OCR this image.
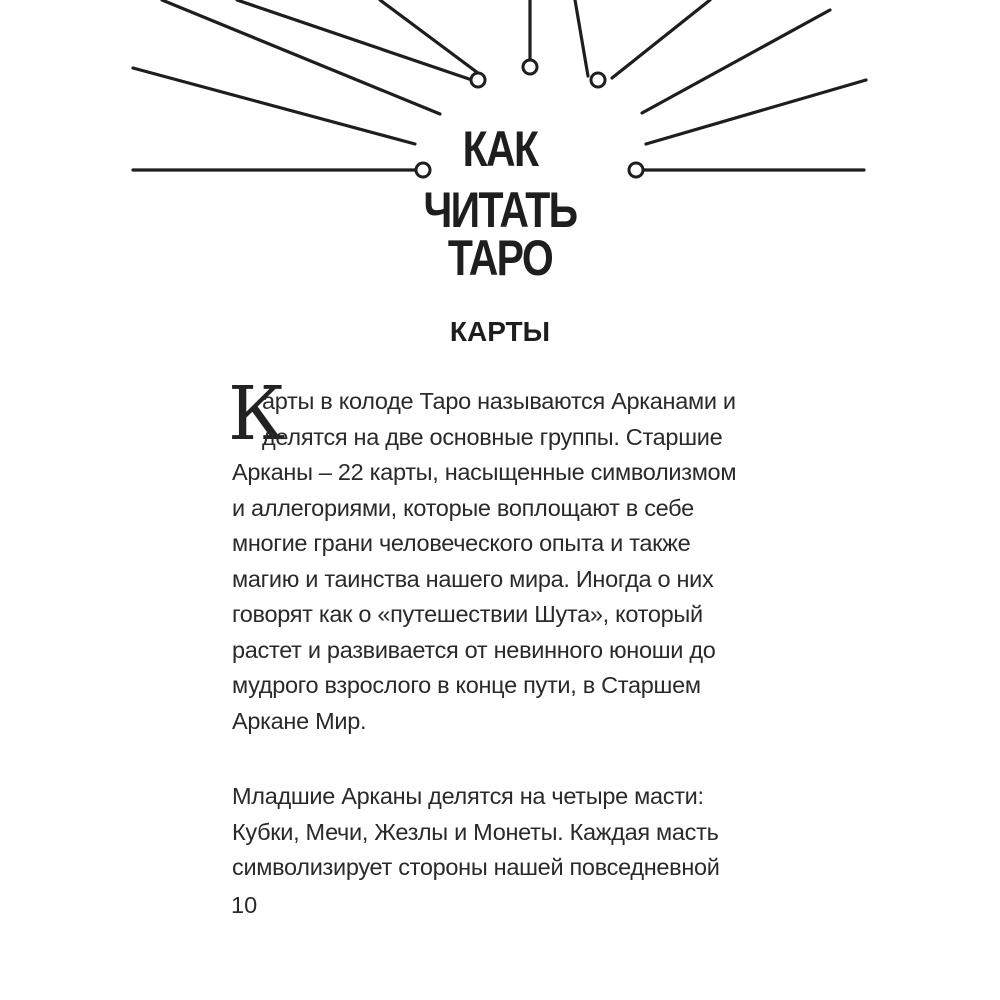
КАК
ЧИТАТЬ
ТАРО
КАРТЫ
К
арты в колоде Таро называются Арканами и
делятся на две основные группы. Старшие
Арканы – 22 карты, насыщенные символизмом
и аллегориями, которые воплощают в себе
многие грани человеческого опыта и также
магию и таинства нашего мира. Иногда о них
говорят как о «путешествии Шута», который
растет и развивается от невинного юноши до
мудрого взрослого в конце пути, в Старшем
Аркане Мир.
Младшие Арканы делятся на четыре масти:
Кубки, Мечи, Жезлы и Монеты. Каждая масть
символизирует стороны нашей повседневной
10
